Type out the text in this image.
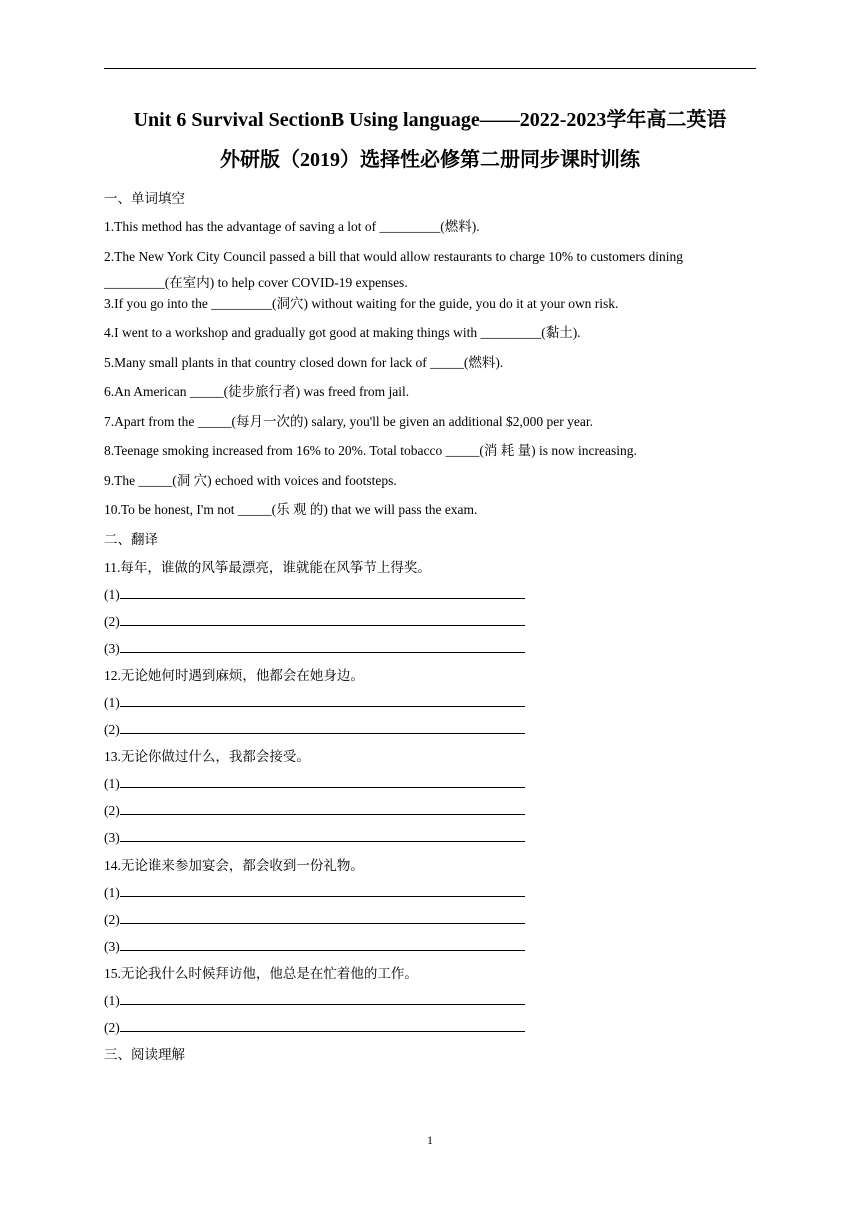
Unit 6 Survival SectionB Using language——2022-2023学年高二英语
外研版（2019）选择性必修第二册同步课时训练
一、单词填空
1.This method has the advantage of saving a lot of _________(燃料).
2.The New York City Council passed a bill that would allow restaurants to charge 10% to customers dining _________(在室内) to help cover COVID-19 expenses.
3.If you go into the _________(洞穴) without waiting for the guide, you do it at your own risk.
4.I went to a workshop and gradually got good at making things with _________(黏土).
5.Many small plants in that country closed down for lack of _____(燃料).
6.An American _____(徒步旅行者) was freed from jail.
7.Apart from the _____(每月一次的) salary, you'll be given an additional $2,000 per year.
8.Teenage smoking increased from 16% to 20%. Total tobacco _____(消 耗 量) is now increasing.
9.The _____(洞 穴) echoed with voices and footsteps.
10.To be honest, I'm not _____(乐 观 的) that we will pass the exam.
二、翻译
11.每年，谁做的风筝最漂亮，谁就能在风筝节上得奖。
(1)
(2)
(3)
12.无论她何时遇到麻烦，他都会在她身边。
(1)
(2)
13.无论你做过什么，我都会接受。
(1)
(2)
(3)
14.无论谁来参加宴会，都会收到一份礼物。
(1)
(2)
(3)
15.无论我什么时候拜访他，他总是在忙着他的工作。
(1)
(2)
三、阅读理解
1
